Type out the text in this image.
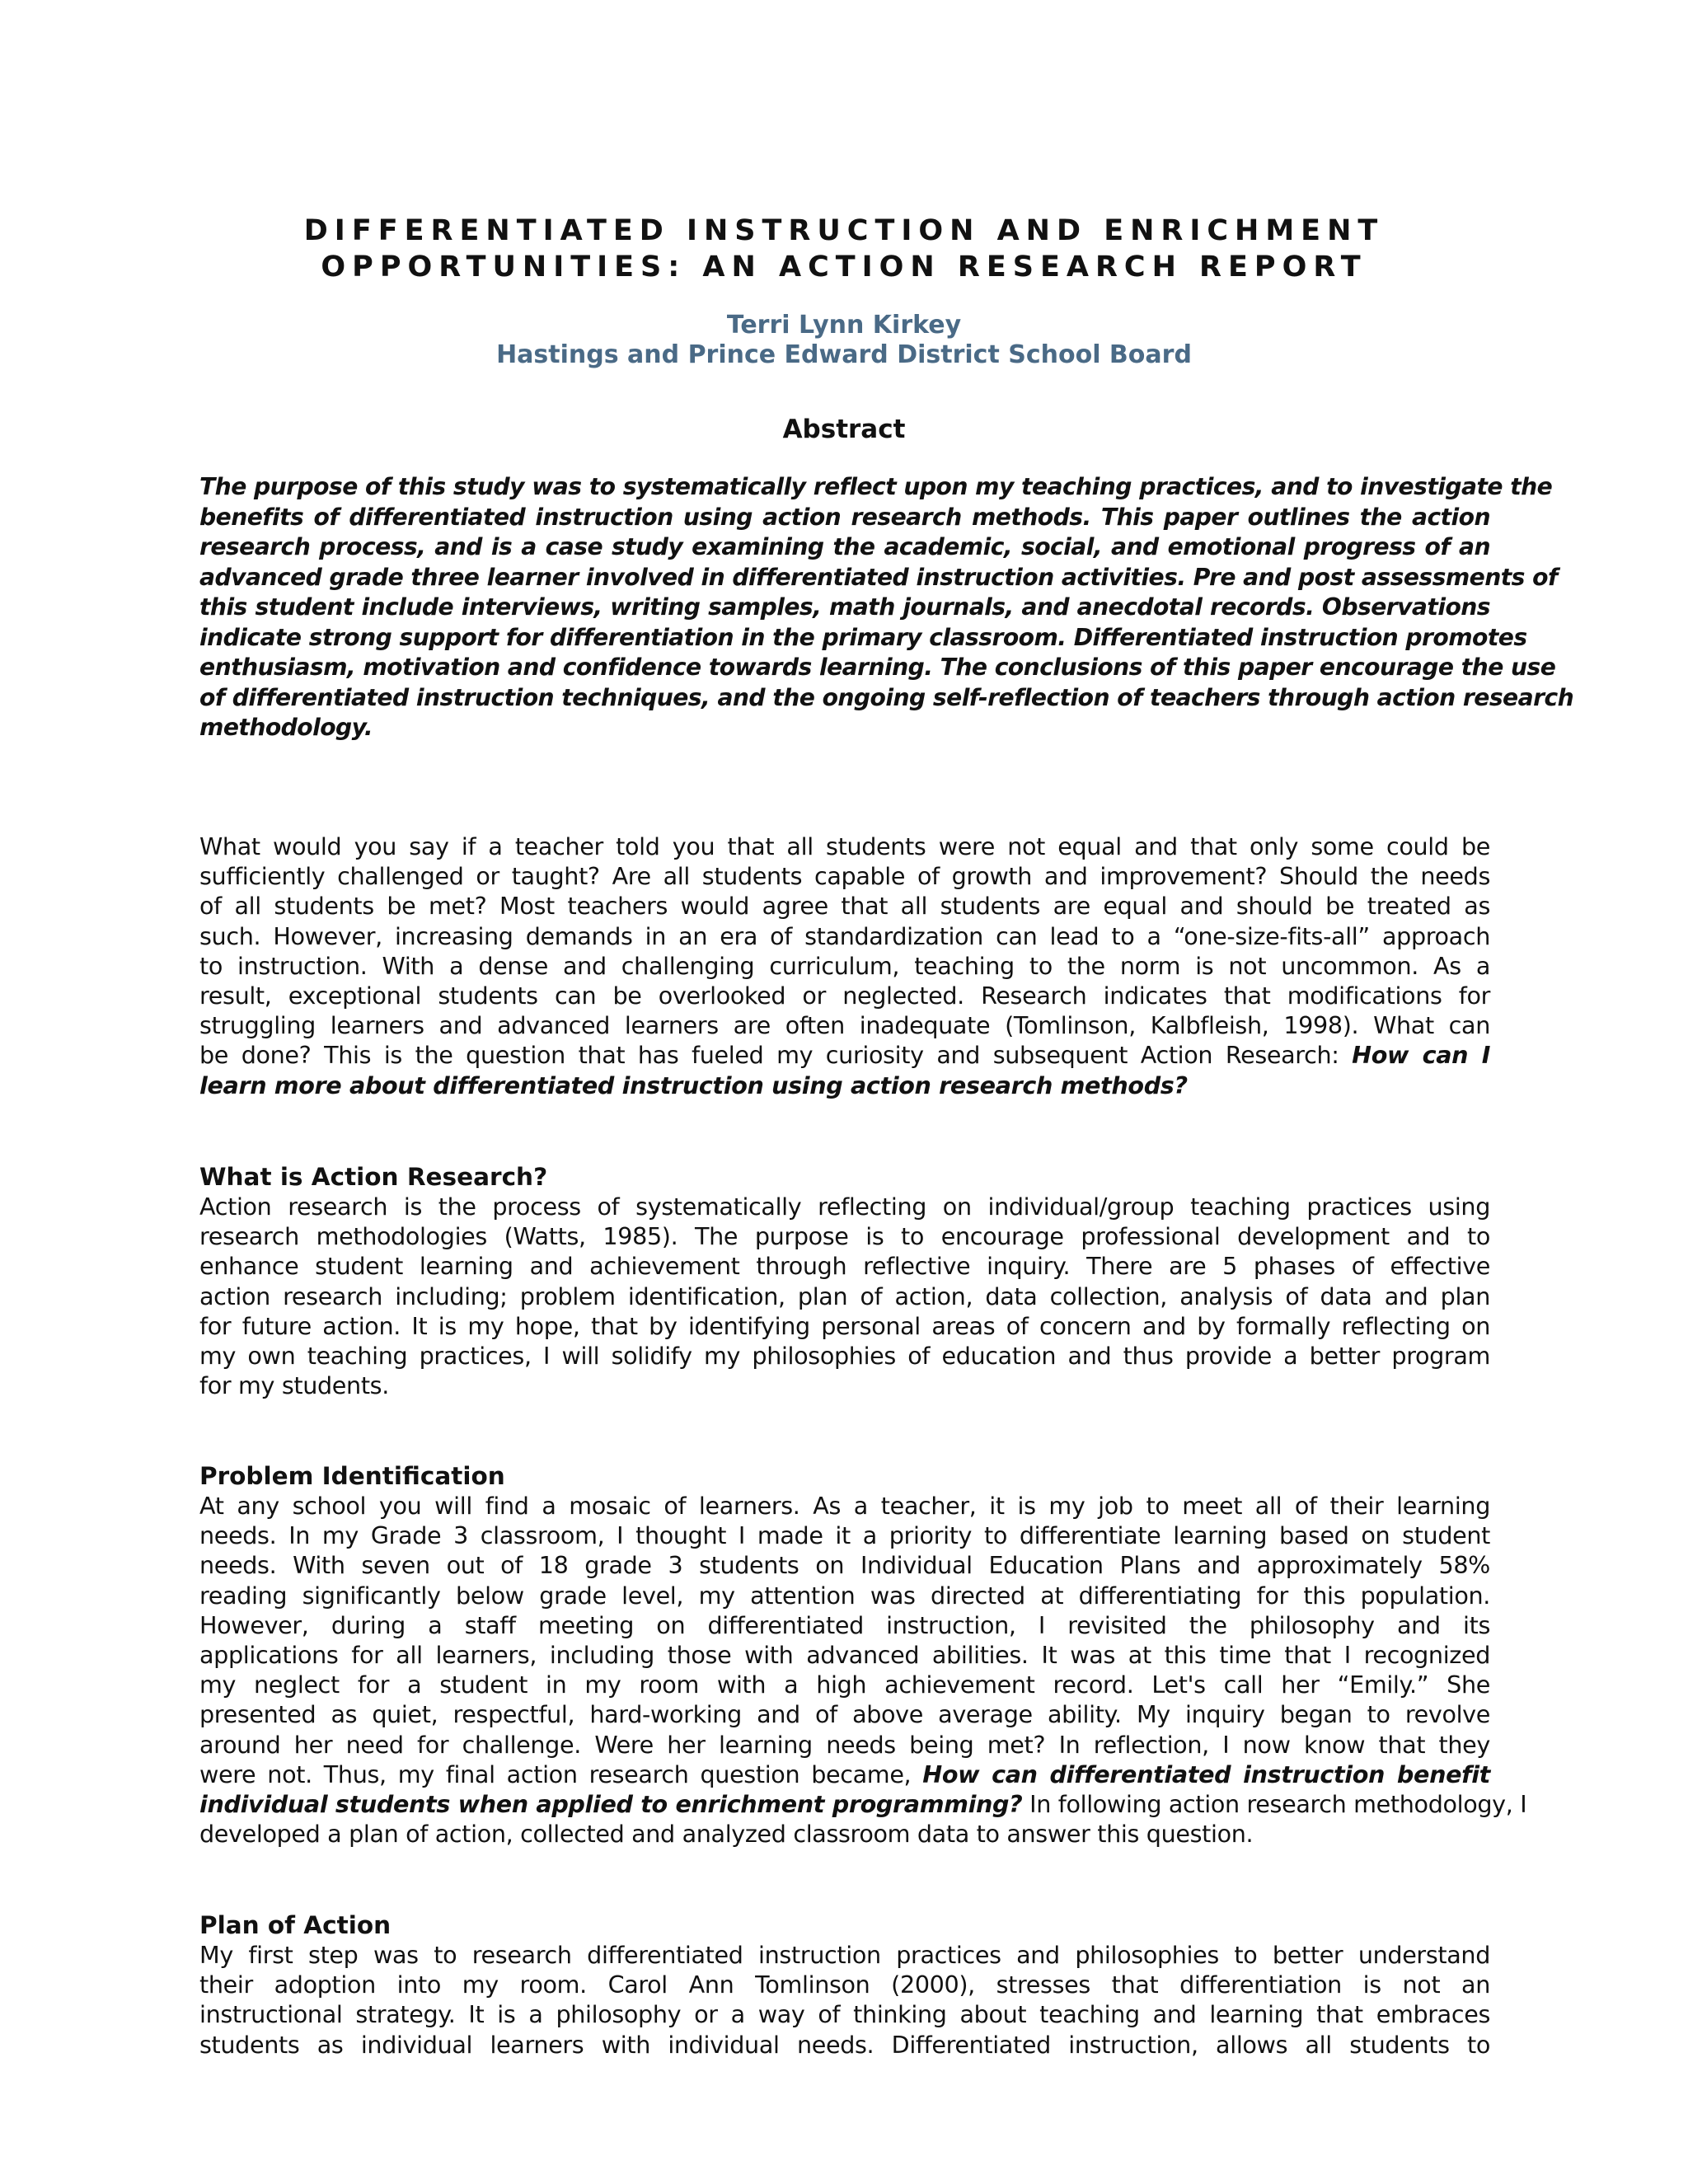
DIFFERENTIATED INSTRUCTION AND ENRICHMENT
OPPORTUNITIES: AN ACTION RESEARCH REPORT
Terri Lynn Kirkey
Hastings and Prince Edward District School Board
Abstract
The purpose of this study was to systematically reflect upon my teaching practices, and to investigate the
benefits of differentiated instruction using action research methods. This paper outlines the action
research process, and is a case study examining the academic, social, and emotional progress of an
advanced grade three learner involved in differentiated instruction activities. Pre and post assessments of
this student include interviews, writing samples, math journals, and anecdotal records. Observations
indicate strong support for differentiation in the primary classroom. Differentiated instruction promotes
enthusiasm, motivation and confidence towards learning. The conclusions of this paper encourage the use
of differentiated instruction techniques, and the ongoing self-reflection of teachers through action research
methodology.
What would you say if a teacher told you that all students were not equal and that only some could be
sufficiently challenged or taught? Are all students capable of growth and improvement? Should the needs
of all students be met? Most teachers would agree that all students are equal and should be treated as
such. However, increasing demands in an era of standardization can lead to a “one-size-fits-all” approach
to instruction. With a dense and challenging curriculum, teaching to the norm is not uncommon. As a
result, exceptional students can be overlooked or neglected. Research indicates that modifications for
struggling learners and advanced learners are often inadequate (Tomlinson, Kalbfleish, 1998). What can
be done? This is the question that has fueled my curiosity and subsequent Action Research: How can I
learn more about differentiated instruction using action research methods?
What is Action Research?
Action research is the process of systematically reflecting on individual/group teaching practices using
research methodologies (Watts, 1985). The purpose is to encourage professional development and to
enhance student learning and achievement through reflective inquiry. There are 5 phases of effective
action research including; problem identification, plan of action, data collection, analysis of data and plan
for future action. It is my hope, that by identifying personal areas of concern and by formally reflecting on
my own teaching practices, I will solidify my philosophies of education and thus provide a better program
for my students.
Problem Identification
At any school you will find a mosaic of learners. As a teacher, it is my job to meet all of their learning
needs. In my Grade 3 classroom, I thought I made it a priority to differentiate learning based on student
needs. With seven out of 18 grade 3 students on Individual Education Plans and approximately 58%
reading significantly below grade level, my attention was directed at differentiating for this population.
However, during a staff meeting on differentiated instruction, I revisited the philosophy and its
applications for all learners, including those with advanced abilities. It was at this time that I recognized
my neglect for a student in my room with a high achievement record. Let's call her “Emily.” She
presented as quiet, respectful, hard-working and of above average ability. My inquiry began to revolve
around her need for challenge. Were her learning needs being met? In reflection, I now know that they
were not. Thus, my final action research question became, How can differentiated instruction benefit
individual students when applied to enrichment programming? In following action research methodology, I
developed a plan of action, collected and analyzed classroom data to answer this question.
Plan of Action
My first step was to research differentiated instruction practices and philosophies to better understand
their adoption into my room. Carol Ann Tomlinson (2000), stresses that differentiation is not an
instructional strategy. It is a philosophy or a way of thinking about teaching and learning that embraces
students as individual learners with individual needs. Differentiated instruction, allows all students to
